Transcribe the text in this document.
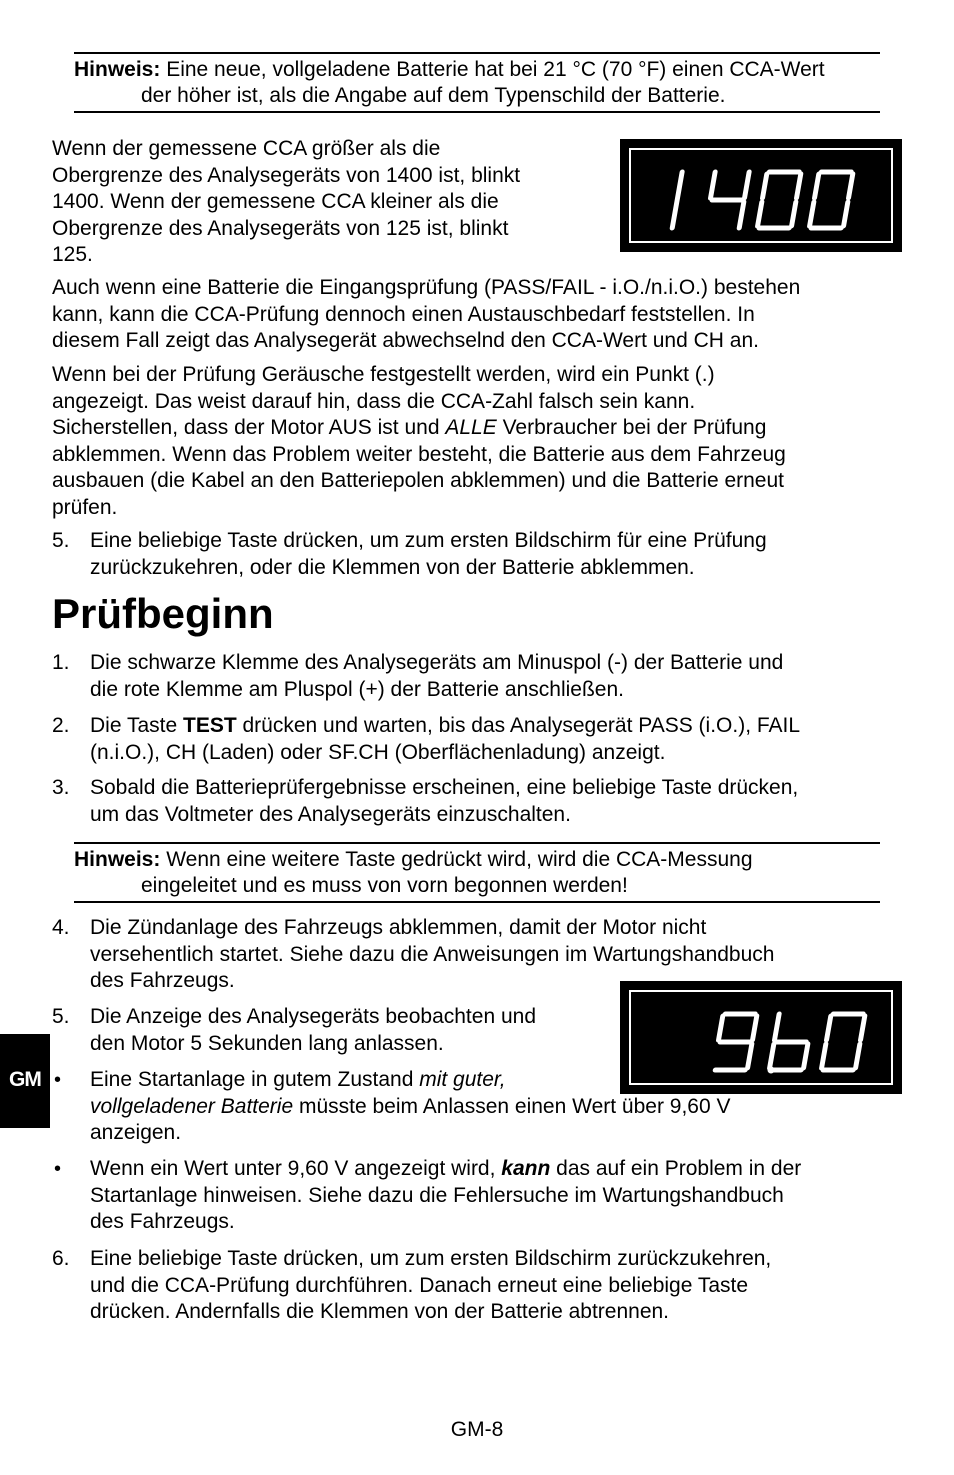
Hinweis: Eine neue, vollgeladene Batterie hat bei 21 °C (70 °F) einen CCA-Wert
der höher ist, als die Angabe auf dem Typenschild der Batterie.
Wenn der gemessene CCA größer als die
Obergrenze des Analysegeräts von 1400 ist, blinkt
1400. Wenn der gemessene CCA kleiner als die
Obergrenze des Analysegeräts von 125 ist, blinkt
125.
Auch wenn eine Batterie die Eingangsprüfung (PASS/FAIL - i.O./n.i.O.) bestehen
kann, kann die CCA-Prüfung dennoch einen Austauschbedarf feststellen. In
diesem Fall zeigt das Analysegerät abwechselnd den CCA-Wert und CH an.
Wenn bei der Prüfung Geräusche festgestellt werden, wird ein Punkt (.)
angezeigt. Das weist darauf hin, dass die CCA-Zahl falsch sein kann.
Sicherstellen, dass der Motor AUS ist und ALLE Verbraucher bei der Prüfung
abklemmen. Wenn das Problem weiter besteht, die Batterie aus dem Fahrzeug
ausbauen (die Kabel an den Batteriepolen abklemmen) und die Batterie erneut
prüfen.
5. Eine beliebige Taste drücken, um zum ersten Bildschirm für eine Prüfung
zurückzukehren, oder die Klemmen von der Batterie abklemmen.
Prüfbeginn
1. Die schwarze Klemme des Analysegeräts am Minuspol (-) der Batterie und
die rote Klemme am Pluspol (+) der Batterie anschließen.
2. Die Taste TEST drücken und warten, bis das Analysegerät PASS (i.O.), FAIL
(n.i.O.), CH (Laden) oder SF.CH (Oberflächenladung) anzeigt.
3. Sobald die Batterieprüfergebnisse erscheinen, eine beliebige Taste drücken,
um das Voltmeter des Analysegeräts einzuschalten.
Hinweis: Wenn eine weitere Taste gedrückt wird, wird die CCA-Messung
eingeleitet und es muss von vorn begonnen werden!
4. Die Zündanlage des Fahrzeugs abklemmen, damit der Motor nicht
versehentlich startet. Siehe dazu die Anweisungen im Wartungshandbuch
des Fahrzeugs.
5. Die Anzeige des Analysegeräts beobachten und
den Motor 5 Sekunden lang anlassen.
GM • Eine Startanlage in gutem Zustand mit guter,
vollgeladener Batterie müsste beim Anlassen einen Wert über 9,60 V
anzeigen.
• Wenn ein Wert unter 9,60 V angezeigt wird, kann das auf ein Problem in der
Startanlage hinweisen. Siehe dazu die Fehlersuche im Wartungshandbuch
des Fahrzeugs.
6. Eine beliebige Taste drücken, um zum ersten Bildschirm zurückzukehren,
und die CCA-Prüfung durchführen. Danach erneut eine beliebige Taste
drücken. Andernfalls die Klemmen von der Batterie abtrennen.
GM-8
